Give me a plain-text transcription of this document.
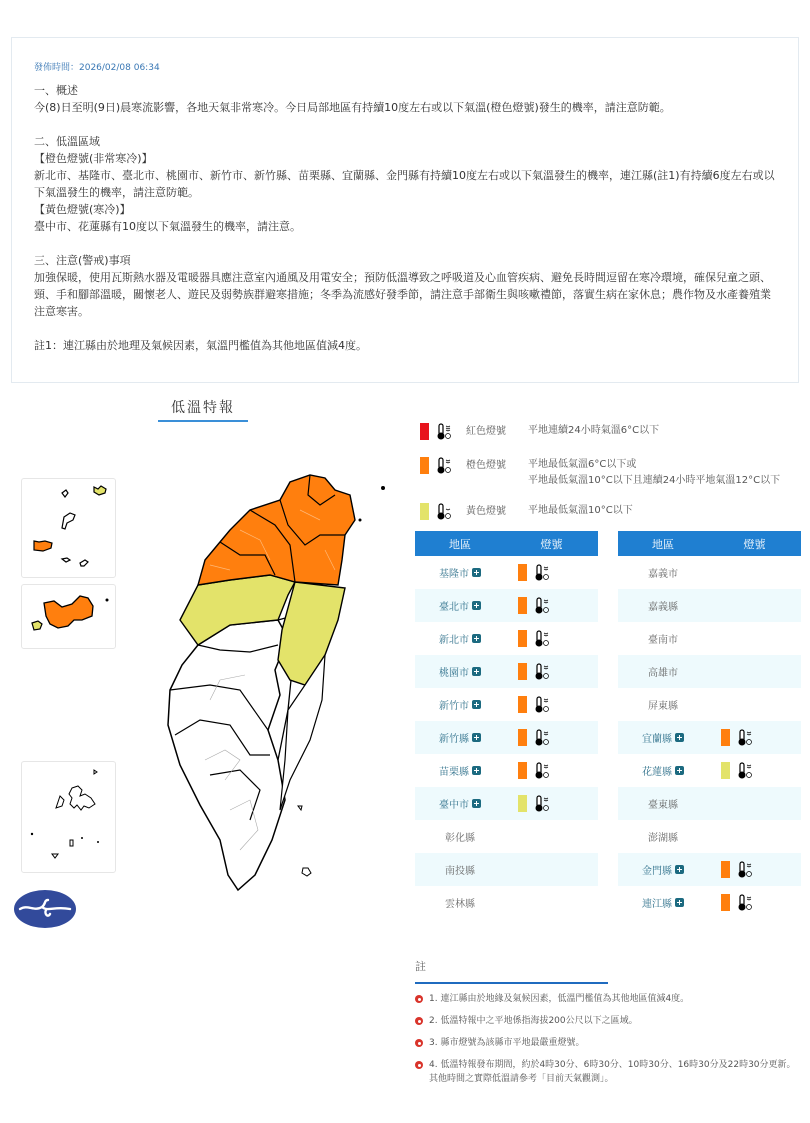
發佈時間：2026/02/08 06:34
一、概述
今(8)日至明(9日)晨寒流影響，各地天氣非常寒冷。今日局部地區有持續10度左右或以下氣溫(橙色燈號)發生的機率，請注意防範。
二、低溫區域
【橙色燈號(非常寒冷)】
新北市、基隆市、臺北市、桃園市、新竹市、新竹縣、苗栗縣、宜蘭縣、金門縣有持續10度左右或以下氣溫發生的機率，連江縣(註1)有持續6度左右或以下氣溫發生的機率，請注意防範。
【黃色燈號(寒冷)】
臺中市、花蓮縣有10度以下氣溫發生的機率，請注意。
三、注意(警戒)事項
加強保暖，使用瓦斯熱水器及電暖器具應注意室內通風及用電安全；預防低溫導致之呼吸道及心血管疾病、避免長時間逗留在寒冷環境，確保兒童之頭、頸、手和腳部溫暖，關懷老人、遊民及弱勢族群避寒措施；冬季為流感好發季節，請注意手部衛生與咳嗽禮節，落實生病在家休息；農作物及水產養殖業注意寒害。
註1：連江縣由於地理及氣候因素，氣溫門檻值為其他地區值減4度。
低溫特報
紅色燈號	平地連續24小時氣溫6°C以下
橙色燈號	平地最低氣溫6°C以下或
平地最低氣溫10°C以下且連續24小時平地氣溫12°C以下
黃色燈號	平地最低氣溫10°C以下
地區	燈號
基隆市
臺北市
新北市
桃園市
新竹市
新竹縣
苗栗縣
臺中市
彰化縣
南投縣
雲林縣
地區	燈號
嘉義市
嘉義縣
臺南市
高雄市
屏東縣
宜蘭縣
花蓮縣
臺東縣
澎湖縣
金門縣
連江縣
註
1. 連江縣由於地緣及氣候因素，低溫門檻值為其他地區值減4度。
2. 低溫特報中之平地係指海拔200公尺以下之區域。
3. 縣市燈號為該縣市平地最嚴重燈號。
4. 低溫特報發布期間，約於4時30分、6時30分、10時30分、16時30分及22時30分更新。其他時間之實際低溫請參考「目前天氣觀測」。
